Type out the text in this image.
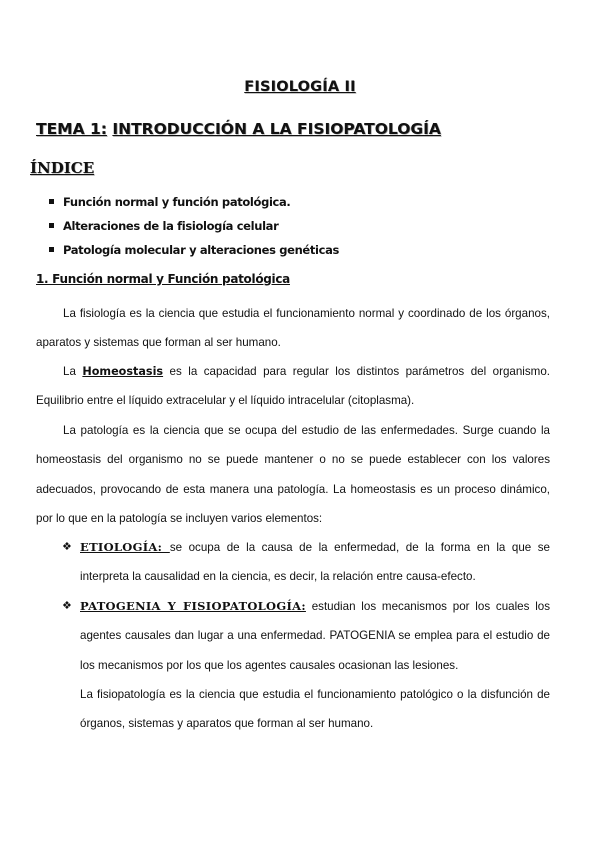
FISIOLOGÍA II
TEMA 1: INTRODUCCIÓN A LA FISIOPATOLOGÍA
ÍNDICE
Función normal y función patológica.
Alteraciones de la fisiología celular
Patología molecular y alteraciones genéticas
1. Función normal y Función patológica
La fisiología es la ciencia que estudia el funcionamiento normal y coordinado de los órganos, aparatos y sistemas que forman al ser humano.
La Homeostasis es la capacidad para regular los distintos parámetros del organismo. Equilibrio entre el líquido extracelular y el líquido intracelular (citoplasma).
La patología es la ciencia que se ocupa del estudio de las enfermedades. Surge cuando la homeostasis del organismo no se puede mantener o no se puede establecer con los valores adecuados, provocando de esta manera una patología. La homeostasis es un proceso dinámico, por lo que en la patología se incluyen varios elementos:
❖ ETIOLOGÍA: se ocupa de la causa de la enfermedad, de la forma en la que se interpreta la causalidad en la ciencia, es decir, la relación entre causa-efecto.
❖ PATOGENIA Y FISIOPATOLOGÍA: estudian los mecanismos por los cuales los agentes causales dan lugar a una enfermedad. PATOGENIA se emplea para el estudio de los mecanismos por los que los agentes causales ocasionan las lesiones.
La fisiopatología es la ciencia que estudia el funcionamiento patológico o la disfunción de órganos, sistemas y aparatos que forman al ser humano.
